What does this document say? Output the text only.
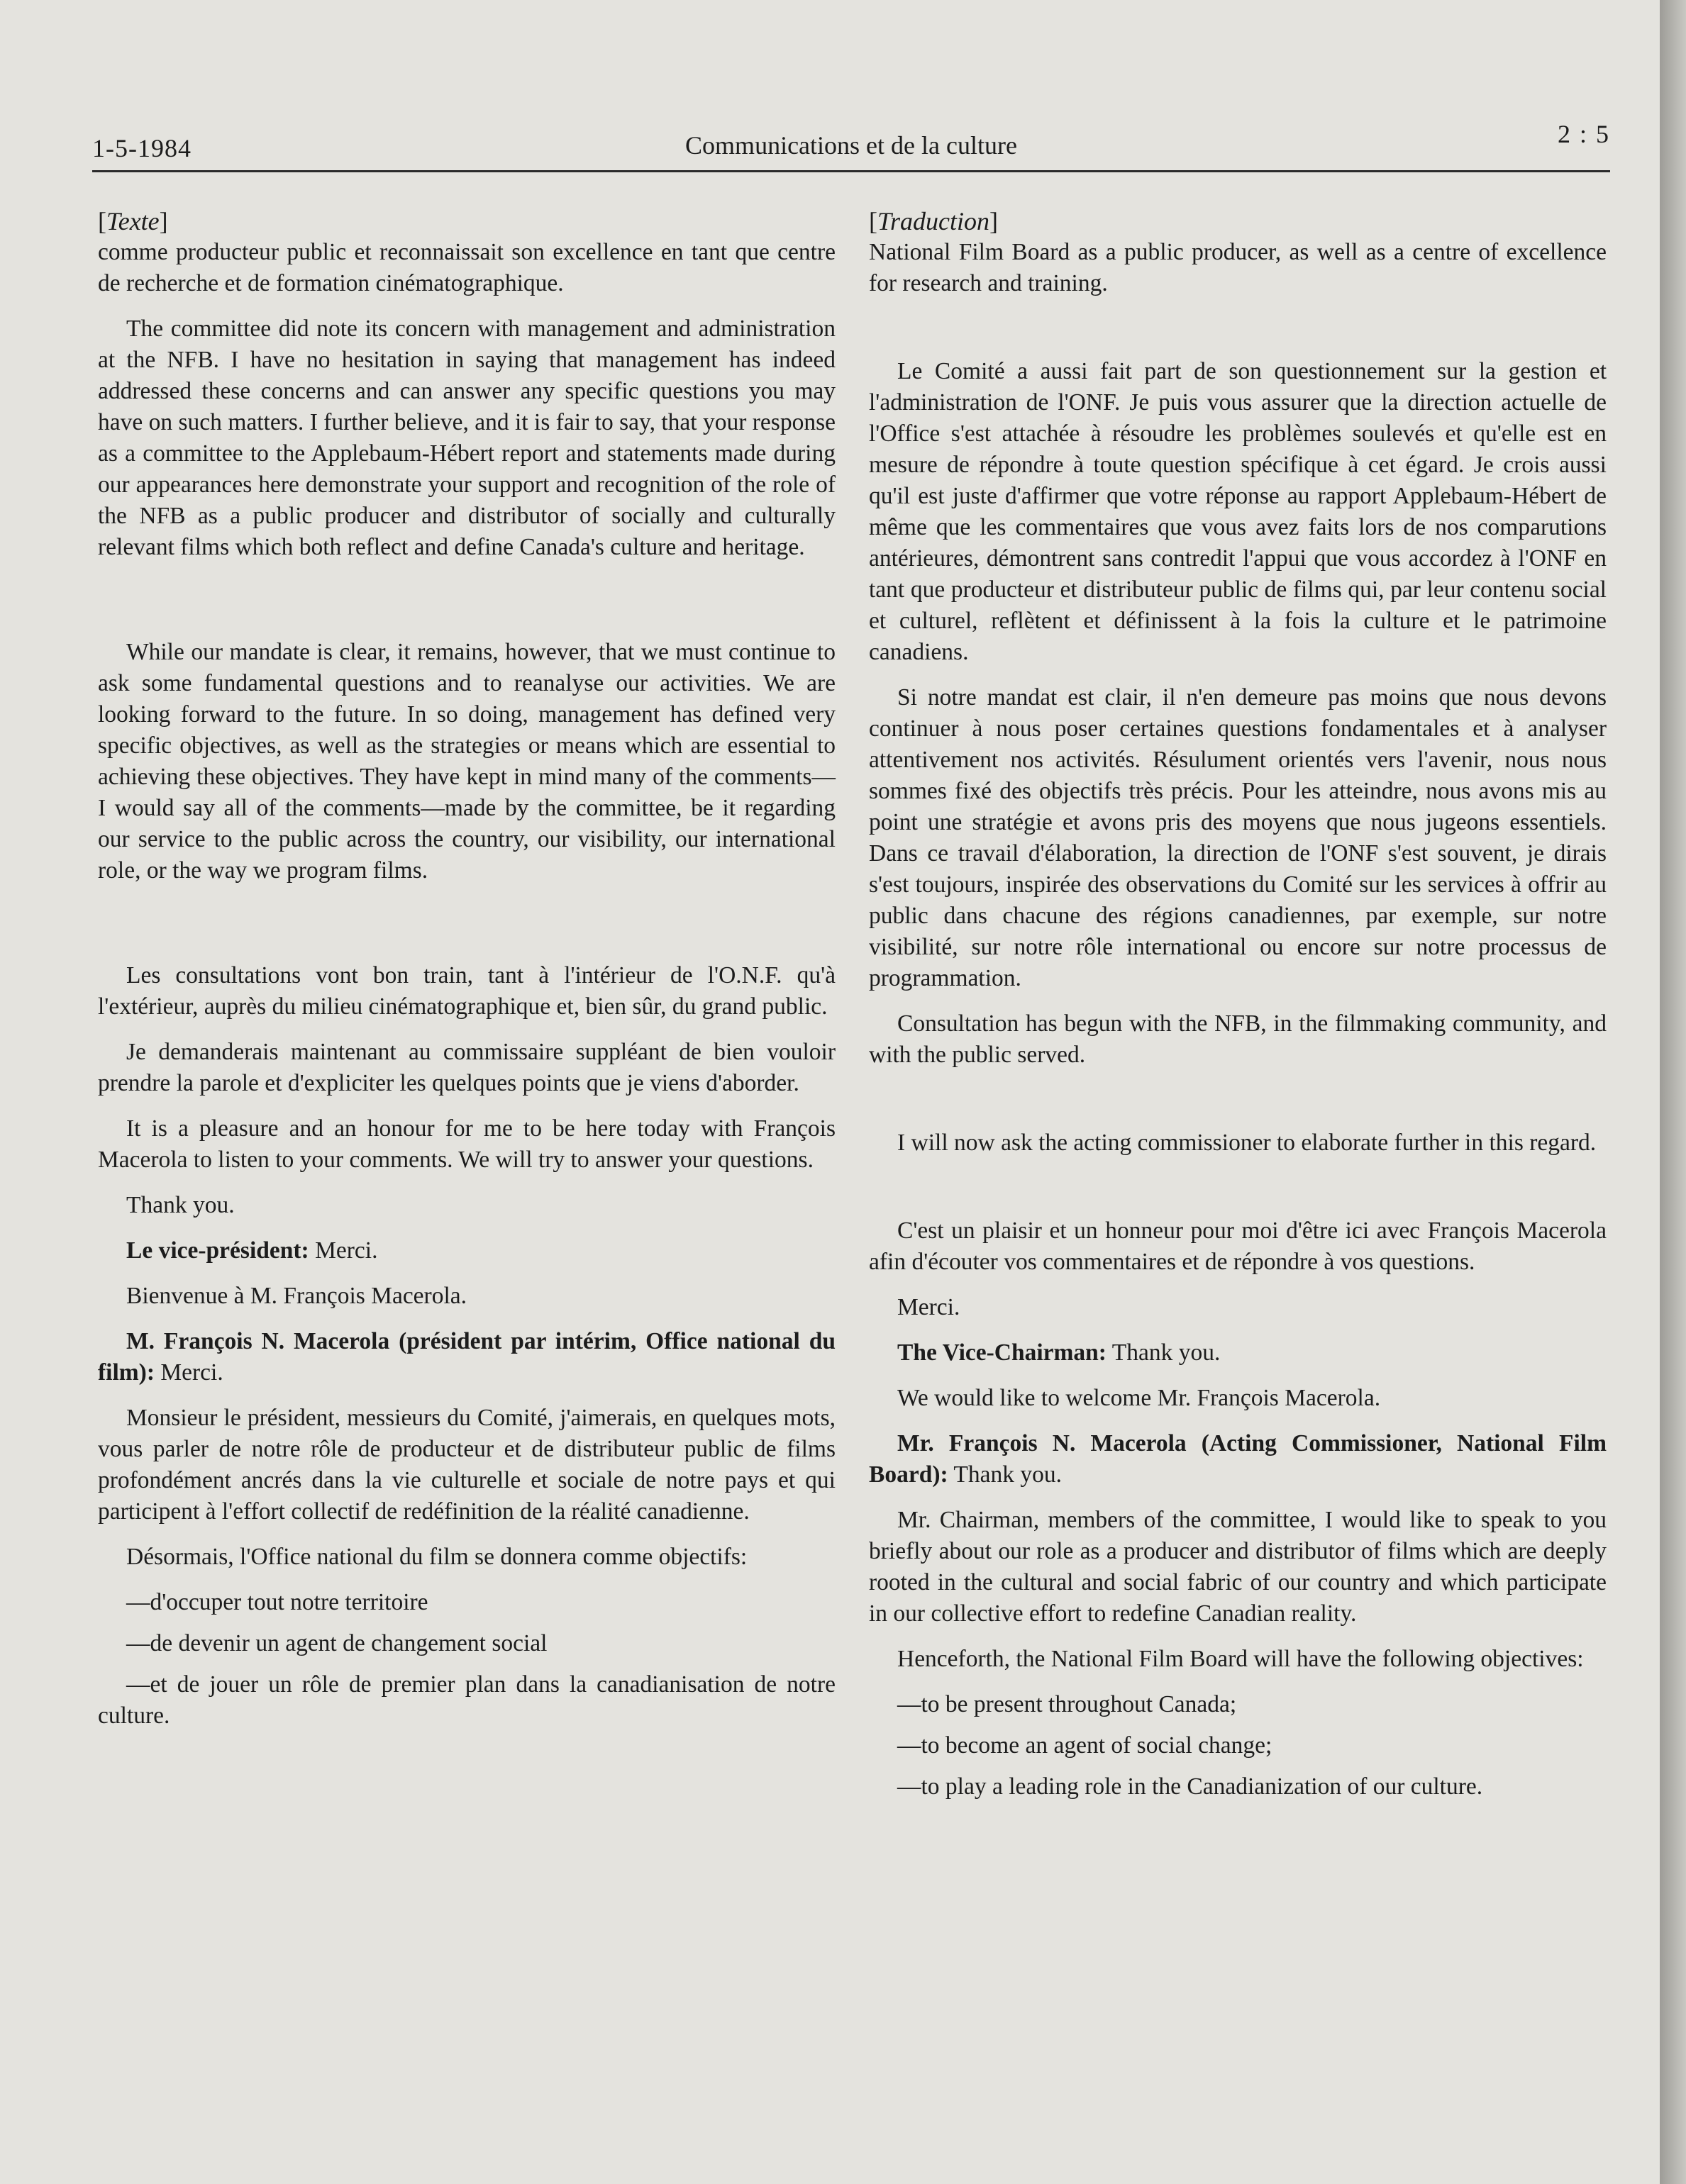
1-5-1984	Communications et de la culture	2 : 5

[Texte]

comme producteur public et reconnaissait son excellence en tant que centre de recherche et de formation cinématographique.

The committee did note its concern with management and administration at the NFB. I have no hesitation in saying that management has indeed addressed these concerns and can answer any specific questions you may have on such matters. I further believe, and it is fair to say, that your response as a committee to the Applebaum-Hébert report and statements made during our appearances here demonstrate your support and recognition of the role of the NFB as a public producer and distributor of socially and culturally relevant films which both reflect and define Canada's culture and heritage.

While our mandate is clear, it remains, however, that we must continue to ask some fundamental questions and to reanalyse our activities. We are looking forward to the future. In so doing, management has defined very specific objectives, as well as the strategies or means which are essential to achieving these objectives. They have kept in mind many of the comments—I would say all of the comments—made by the committee, be it regarding our service to the public across the country, our visibility, our international role, or the way we program films.

Les consultations vont bon train, tant à l'intérieur de l'O.N.F. qu'à l'extérieur, auprès du milieu cinématographique et, bien sûr, du grand public.

Je demanderais maintenant au commissaire suppléant de bien vouloir prendre la parole et d'expliciter les quelques points que je viens d'aborder.

It is a pleasure and an honour for me to be here today with François Macerola to listen to your comments. We will try to answer your questions.

Thank you.

Le vice-président: Merci.

Bienvenue à M. François Macerola.

M. François N. Macerola (président par intérim, Office national du film): Merci.

Monsieur le président, messieurs du Comité, j'aimerais, en quelques mots, vous parler de notre rôle de producteur et de distributeur public de films profondément ancrés dans la vie culturelle et sociale de notre pays et qui participent à l'effort collectif de redéfinition de la réalité canadienne.

Désormais, l'Office national du film se donnera comme objectifs:

—d'occuper tout notre territoire

—de devenir un agent de changement social

—et de jouer un rôle de premier plan dans la canadianisation de notre culture.

[Traduction]

National Film Board as a public producer, as well as a centre of excellence for research and training.

Le Comité a aussi fait part de son questionnement sur la gestion et l'administration de l'ONF. Je puis vous assurer que la direction actuelle de l'Office s'est attachée à résoudre les problèmes soulevés et qu'elle est en mesure de répondre à toute question spécifique à cet égard. Je crois aussi qu'il est juste d'affirmer que votre réponse au rapport Applebaum-Hébert de même que les commentaires que vous avez faits lors de nos comparutions antérieures, démontrent sans contredit l'appui que vous accordez à l'ONF en tant que producteur et distributeur public de films qui, par leur contenu social et culturel, reflètent et définissent à la fois la culture et le patrimoine canadiens.

Si notre mandat est clair, il n'en demeure pas moins que nous devons continuer à nous poser certaines questions fondamentales et à analyser attentivement nos activités. Résulument orientés vers l'avenir, nous nous sommes fixé des objectifs très précis. Pour les atteindre, nous avons mis au point une stratégie et avons pris des moyens que nous jugeons essentiels. Dans ce travail d'élaboration, la direction de l'ONF s'est souvent, je dirais s'est toujours, inspirée des observations du Comité sur les services à offrir au public dans chacune des régions canadiennes, par exemple, sur notre visibilité, sur notre rôle international ou encore sur notre processus de programmation.

Consultation has begun with the NFB, in the filmmaking community, and with the public served.

I will now ask the acting commissioner to elaborate further in this regard.

C'est un plaisir et un honneur pour moi d'être ici avec François Macerola afin d'écouter vos commentaires et de répondre à vos questions.

Merci.

The Vice-Chairman: Thank you.

We would like to welcome Mr. François Macerola.

Mr. François N. Macerola (Acting Commissioner, National Film Board): Thank you.

Mr. Chairman, members of the committee, I would like to speak to you briefly about our role as a producer and distributor of films which are deeply rooted in the cultural and social fabric of our country and which participate in our collective effort to redefine Canadian reality.

Henceforth, the National Film Board will have the following objectives:

—to be present throughout Canada;

—to become an agent of social change;

—to play a leading role in the Canadianization of our culture.
